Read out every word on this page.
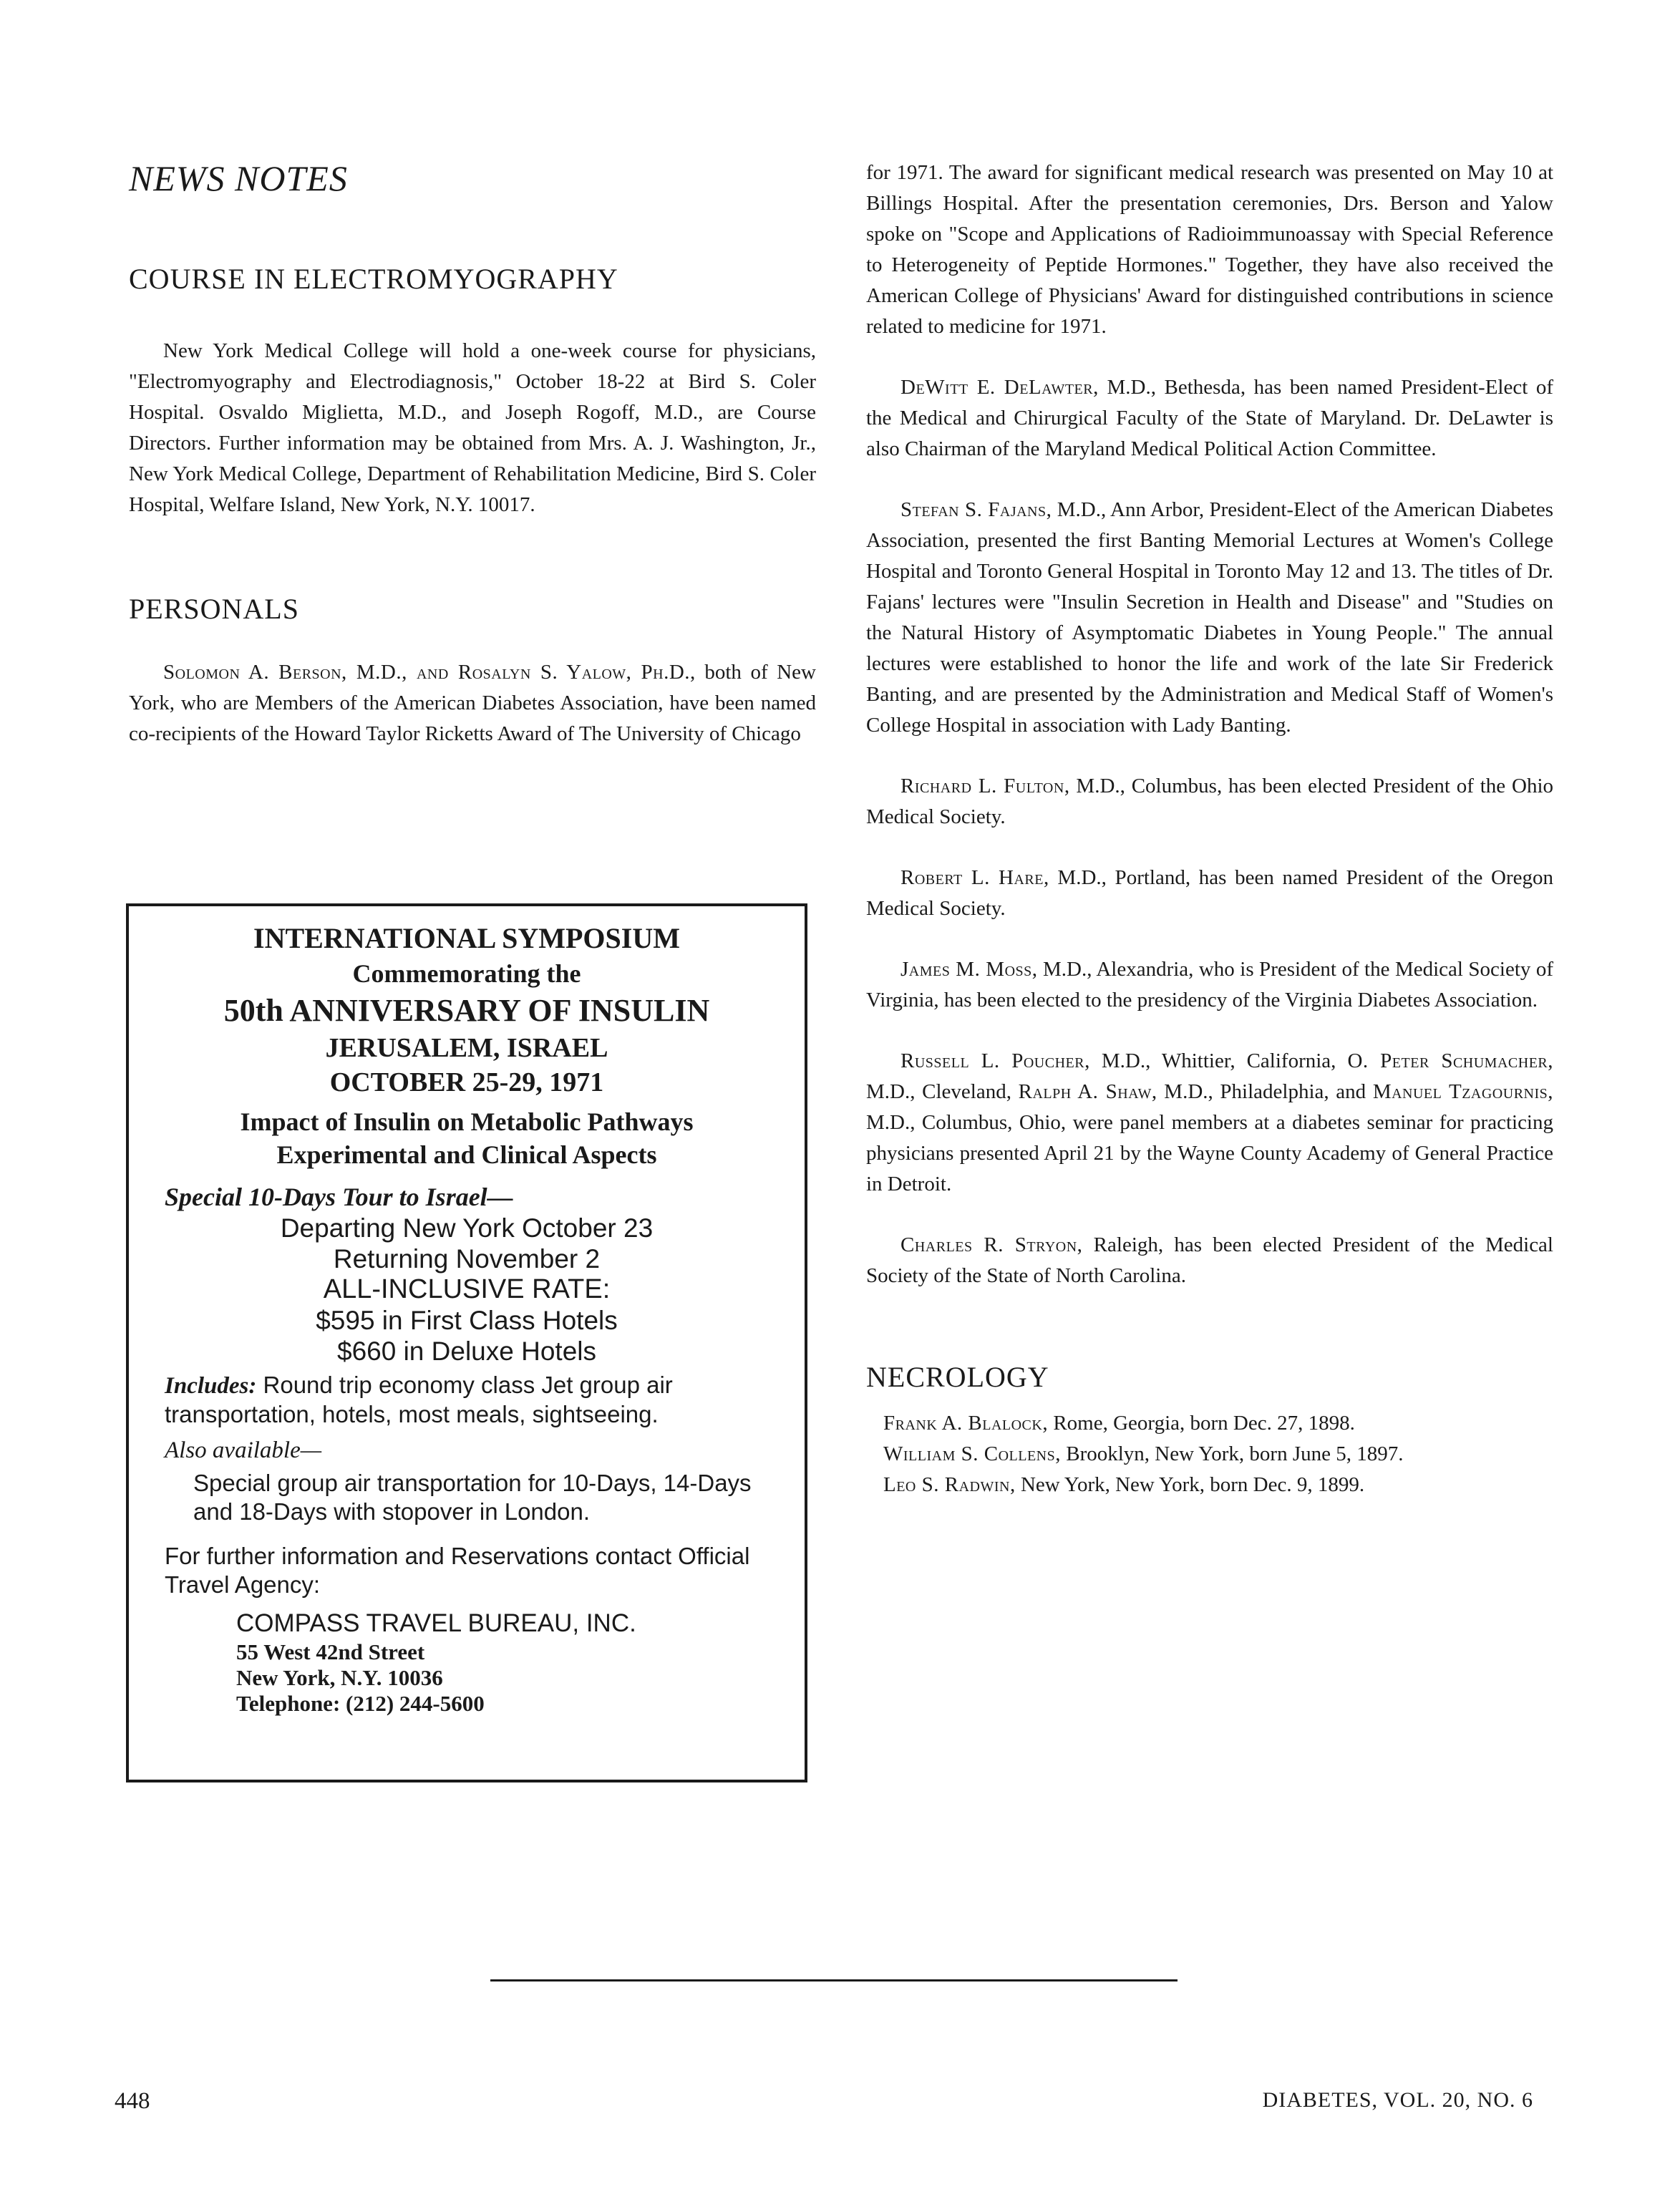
NEWS NOTES
COURSE IN ELECTROMYOGRAPHY

New York Medical College will hold a one-week course for physicians, "Electromyography and Electrodiagnosis," October 18-22 at Bird S. Coler Hospital. Osvaldo Miglietta, M.D., and Joseph Rogoff, M.D., are Course Directors. Further information may be obtained from Mrs. A. J. Washington, Jr., New York Medical College, Department of Rehabilitation Medicine, Bird S. Coler Hospital, Welfare Island, New York, N.Y. 10017.

PERSONALS

Solomon A. Berson, M.D., and Rosalyn S. Yalow, Ph.D., both of New York, who are Members of the American Diabetes Association, have been named co-recipients of the Howard Taylor Ricketts Award of The University of Chicago

INTERNATIONAL SYMPOSIUM

Commemorating the

50th ANNIVERSARY OF INSULIN

JERUSALEM, ISRAEL

OCTOBER 25-29, 1971

Impact of Insulin on Metabolic Pathways

Experimental and Clinical Aspects

Special 10-Days Tour to Israel—
Departing New York October 23
Returning November 2
ALL-INCLUSIVE RATE:
$595 in First Class Hotels
$660 in Deluxe Hotels

Includes: Round trip economy class Jet group air transportation, hotels, most meals, sightseeing.

Also available—

Special group air transportation for 10-Days, 14-Days and 18-Days with stopover in London.

For further information and Reservations contact Official Travel Agency:

COMPASS TRAVEL BUREAU, INC.
55 West 42nd Street
New York, N.Y. 10036
Telephone: (212) 244-5600

for 1971. The award for significant medical research was presented on May 10 at Billings Hospital. After the presentation ceremonies, Drs. Berson and Yalow spoke on "Scope and Applications of Radioimmunoassay with Special Reference to Heterogeneity of Peptide Hormones." Together, they have also received the American College of Physicians' Award for distinguished contributions in science related to medicine for 1971.

DeWitt E. DeLawter, M.D., Bethesda, has been named President-Elect of the Medical and Chirurgical Faculty of the State of Maryland. Dr. DeLawter is also Chairman of the Maryland Medical Political Action Committee.

Stefan S. Fajans, M.D., Ann Arbor, President-Elect of the American Diabetes Association, presented the first Banting Memorial Lectures at Women's College Hospital and Toronto General Hospital in Toronto May 12 and 13. The titles of Dr. Fajans' lectures were "Insulin Secretion in Health and Disease" and "Studies on the Natural History of Asymptomatic Diabetes in Young People." The annual lectures were established to honor the life and work of the late Sir Frederick Banting, and are presented by the Administration and Medical Staff of Women's College Hospital in association with Lady Banting.

Richard L. Fulton, M.D., Columbus, has been elected President of the Ohio Medical Society.

Robert L. Hare, M.D., Portland, has been named President of the Oregon Medical Society.

James M. Moss, M.D., Alexandria, who is President of the Medical Society of Virginia, has been elected to the presidency of the Virginia Diabetes Association.

Russell L. Poucher, M.D., Whittier, California, O. Peter Schumacher, M.D., Cleveland, Ralph A. Shaw, M.D., Philadelphia, and Manuel Tzagournis, M.D., Columbus, Ohio, were panel members at a diabetes seminar for practicing physicians presented April 21 by the Wayne County Academy of General Practice in Detroit.

Charles R. Stryon, Raleigh, has been elected President of the Medical Society of the State of North Carolina.

NECROLOGY

Frank A. Blalock, Rome, Georgia, born Dec. 27, 1898.

William S. Collens, Brooklyn, New York, born June 5, 1897.

Leo S. Radwin, New York, New York, born Dec. 9, 1899.

448	DIABETES, VOL. 20, NO. 6
